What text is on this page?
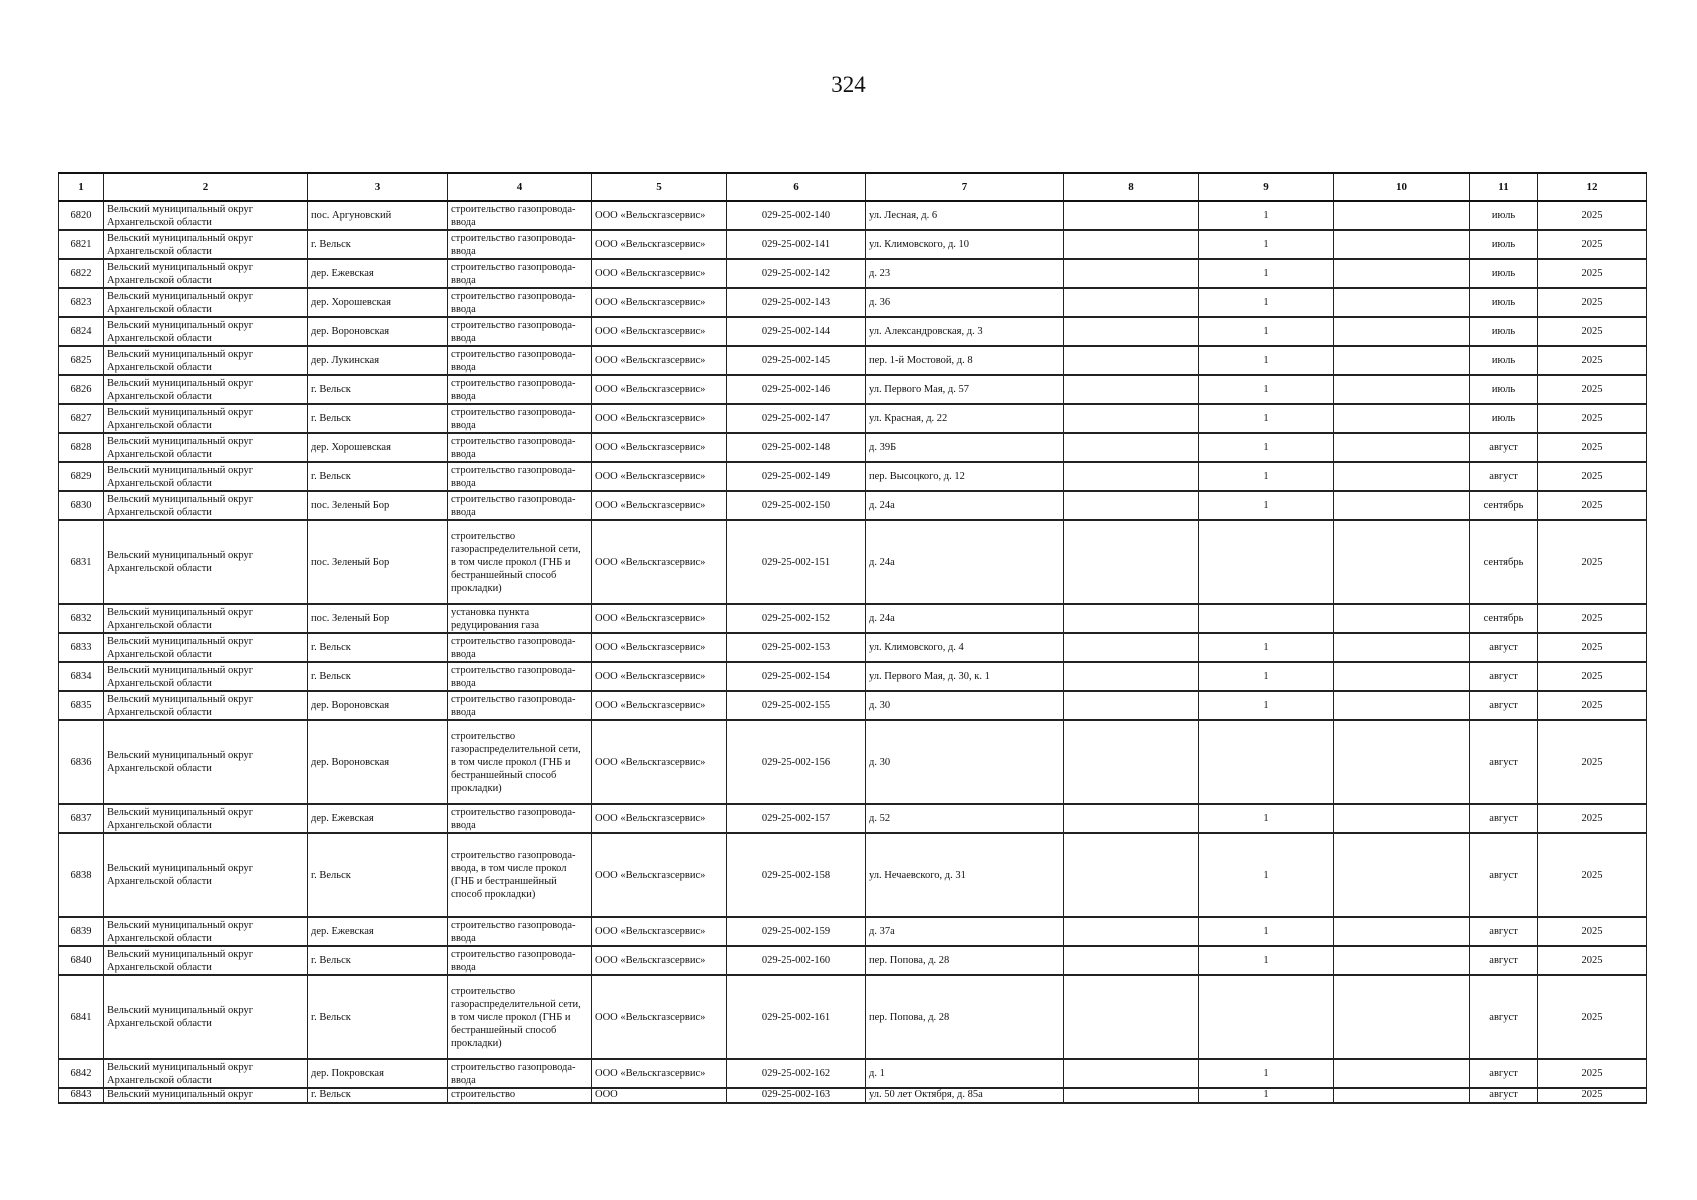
324
1	2	3	4	5	6	7	8	9	10	11	12
6820	Вельский муниципальный округ Архангельской области	пос. Аргуновский	строительство газопровода-ввода	ООО «Вельскгазсервис»	029-25-002-140	ул. Лесная, д. 6		1		июль	2025
6821	Вельский муниципальный округ Архангельской области	г. Вельск	строительство газопровода-ввода	ООО «Вельскгазсервис»	029-25-002-141	ул. Климовского, д. 10		1		июль	2025
6822	Вельский муниципальный округ Архангельской области	дер. Ежевская	строительство газопровода-ввода	ООО «Вельскгазсервис»	029-25-002-142	д. 23		1		июль	2025
6823	Вельский муниципальный округ Архангельской области	дер. Хорошевская	строительство газопровода-ввода	ООО «Вельскгазсервис»	029-25-002-143	д. 36		1		июль	2025
6824	Вельский муниципальный округ Архангельской области	дер. Вороновская	строительство газопровода-ввода	ООО «Вельскгазсервис»	029-25-002-144	ул. Александровская, д. 3		1		июль	2025
6825	Вельский муниципальный округ Архангельской области	дер. Лукинская	строительство газопровода-ввода	ООО «Вельскгазсервис»	029-25-002-145	пер. 1-й Мостовой, д. 8		1		июль	2025
6826	Вельский муниципальный округ Архангельской области	г. Вельск	строительство газопровода-ввода	ООО «Вельскгазсервис»	029-25-002-146	ул. Первого Мая, д. 57		1		июль	2025
6827	Вельский муниципальный округ Архангельской области	г. Вельск	строительство газопровода-ввода	ООО «Вельскгазсервис»	029-25-002-147	ул. Красная, д. 22		1		июль	2025
6828	Вельский муниципальный округ Архангельской области	дер. Хорошевская	строительство газопровода-ввода	ООО «Вельскгазсервис»	029-25-002-148	д. 39Б		1		август	2025
6829	Вельский муниципальный округ Архангельской области	г. Вельск	строительство газопровода-ввода	ООО «Вельскгазсервис»	029-25-002-149	пер. Высоцкого, д. 12		1		август	2025
6830	Вельский муниципальный округ Архангельской области	пос. Зеленый Бор	строительство газопровода-ввода	ООО «Вельскгазсервис»	029-25-002-150	д. 24а		1		сентябрь	2025
6831	Вельский муниципальный округ Архангельской области	пос. Зеленый Бор	строительство газораспределительной сети, в том числе прокол (ГНБ и бестраншейный способ прокладки)	ООО «Вельскгазсервис»	029-25-002-151	д. 24а				сентябрь	2025
6832	Вельский муниципальный округ Архангельской области	пос. Зеленый Бор	установка пункта редуцирования газа	ООО «Вельскгазсервис»	029-25-002-152	д. 24а				сентябрь	2025
6833	Вельский муниципальный округ Архангельской области	г. Вельск	строительство газопровода-ввода	ООО «Вельскгазсервис»	029-25-002-153	ул. Климовского, д. 4		1		август	2025
6834	Вельский муниципальный округ Архангельской области	г. Вельск	строительство газопровода-ввода	ООО «Вельскгазсервис»	029-25-002-154	ул. Первого Мая, д. 30, к. 1		1		август	2025
6835	Вельский муниципальный округ Архангельской области	дер. Вороновская	строительство газопровода-ввода	ООО «Вельскгазсервис»	029-25-002-155	д. 30		1		август	2025
6836	Вельский муниципальный округ Архангельской области	дер. Вороновская	строительство газораспределительной сети, в том числе прокол (ГНБ и бестраншейный способ прокладки)	ООО «Вельскгазсервис»	029-25-002-156	д. 30				август	2025
6837	Вельский муниципальный округ Архангельской области	дер. Ежевская	строительство газопровода-ввода	ООО «Вельскгазсервис»	029-25-002-157	д. 52		1		август	2025
6838	Вельский муниципальный округ Архангельской области	г. Вельск	строительство газопровода-ввода, в том числе прокол (ГНБ и бестраншейный способ прокладки)	ООО «Вельскгазсервис»	029-25-002-158	ул. Нечаевского, д. 31		1		август	2025
6839	Вельский муниципальный округ Архангельской области	дер. Ежевская	строительство газопровода-ввода	ООО «Вельскгазсервис»	029-25-002-159	д. 37а		1		август	2025
6840	Вельский муниципальный округ Архангельской области	г. Вельск	строительство газопровода-ввода	ООО «Вельскгазсервис»	029-25-002-160	пер. Попова, д. 28		1		август	2025
6841	Вельский муниципальный округ Архангельской области	г. Вельск	строительство газораспределительной сети, в том числе прокол (ГНБ и бестраншейный способ прокладки)	ООО «Вельскгазсервис»	029-25-002-161	пер. Попова, д. 28				август	2025
6842	Вельский муниципальный округ Архангельской области	дер. Покровская	строительство газопровода-ввода	ООО «Вельскгазсервис»	029-25-002-162	д. 1		1		август	2025
6843	Вельский муниципальный округ	г. Вельск	строительство	ООО	029-25-002-163	ул. 50 лет Октября, д. 85а		1		август	2025
